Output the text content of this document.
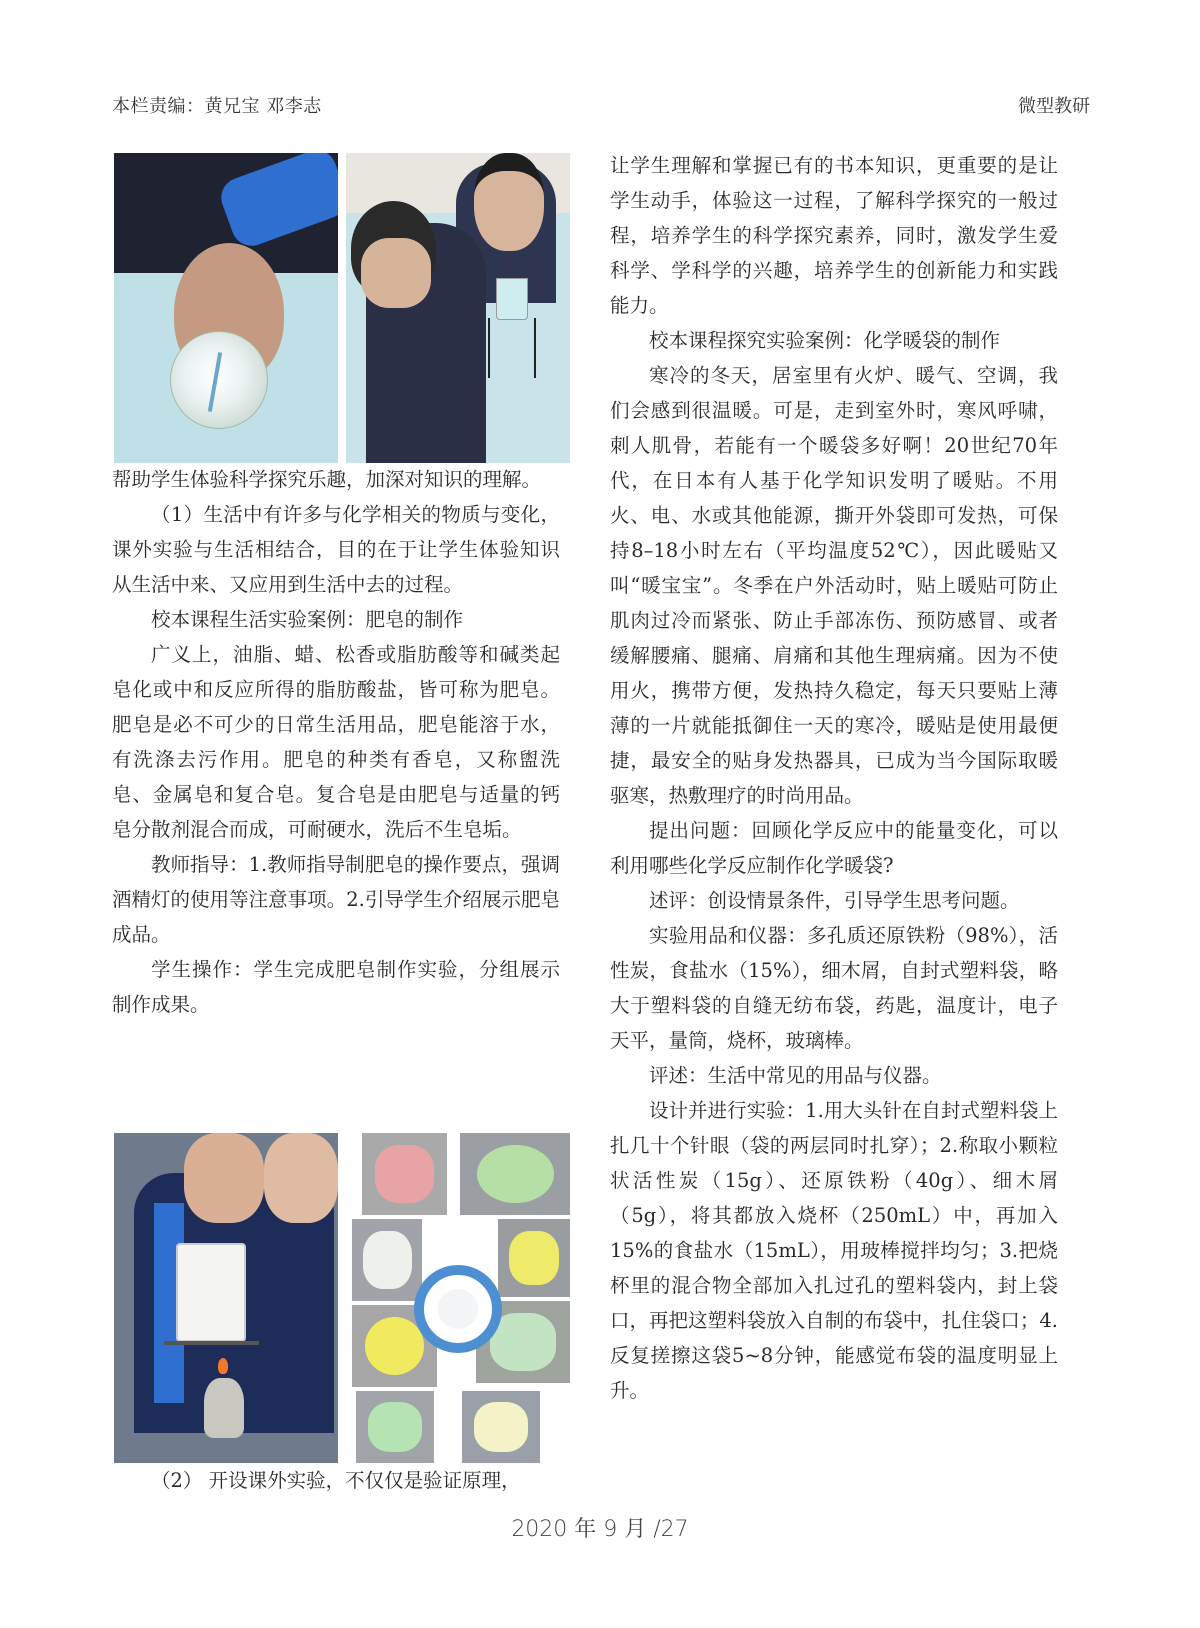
本栏责编：黄兄宝 邓李志	微型教研

帮助学生体验科学探究乐趣，加深对知识的理解。

（1）生活中有许多与化学相关的物质与变化，课外实验与生活相结合，目的在于让学生体验知识从生活中来、又应用到生活中去的过程。

校本课程生活实验案例：肥皂的制作

广义上，油脂、蜡、松香或脂肪酸等和碱类起皂化或中和反应所得的脂肪酸盐，皆可称为肥皂。肥皂是必不可少的日常生活用品，肥皂能溶于水，有洗涤去污作用。肥皂的种类有香皂，又称盥洗皂、金属皂和复合皂。复合皂是由肥皂与适量的钙皂分散剂混合而成，可耐硬水，洗后不生皂垢。

教师指导：1.教师指导制肥皂的操作要点，强调酒精灯的使用等注意事项。2.引导学生介绍展示肥皂成品。

学生操作：学生完成肥皂制作实验，分组展示制作成果。

（2） 开设课外实验，不仅仅是验证原理，

让学生理解和掌握已有的书本知识，更重要的是让学生动手，体验这一过程，了解科学探究的一般过程，培养学生的科学探究素养，同时，激发学生爱科学、学科学的兴趣，培养学生的创新能力和实践能力。

校本课程探究实验案例：化学暖袋的制作

寒冷的冬天，居室里有火炉、暖气、空调，我们会感到很温暖。可是，走到室外时，寒风呼啸，刺人肌骨，若能有一个暖袋多好啊！20世纪70年代，在日本有人基于化学知识发明了暖贴。不用火、电、水或其他能源，撕开外袋即可发热，可保持8–18小时左右（平均温度52℃），因此暖贴又叫“暖宝宝”。冬季在户外活动时，贴上暖贴可防止肌肉过冷而紧张、防止手部冻伤、预防感冒、或者缓解腰痛、腿痛、肩痛和其他生理病痛。因为不使用火，携带方便，发热持久稳定，每天只要贴上薄薄的一片就能抵御住一天的寒冷，暖贴是使用最便捷，最安全的贴身发热器具，已成为当今国际取暖驱寒，热敷理疗的时尚用品。

提出问题：回顾化学反应中的能量变化，可以利用哪些化学反应制作化学暖袋?

述评：创设情景条件，引导学生思考问题。

实验用品和仪器：多孔质还原铁粉（98%），活性炭，食盐水（15%），细木屑，自封式塑料袋，略大于塑料袋的自缝无纺布袋，药匙，温度计，电子天平，量筒，烧杯，玻璃棒。

评述：生活中常见的用品与仪器。

设计并进行实验：1.用大头针在自封式塑料袋上扎几十个针眼（袋的两层同时扎穿）；2.称取小颗粒状活性炭（15g）、还原铁粉（40g）、细木屑（5g），将其都放入烧杯（250mL）中，再加入15%的食盐水（15mL），用玻棒搅拌均匀；3.把烧杯里的混合物全部加入扎过孔的塑料袋内，封上袋口，再把这塑料袋放入自制的布袋中，扎住袋口；4.反复搓擦这袋5~8分钟，能感觉布袋的温度明显上升。

2020 年 9 月 /27
